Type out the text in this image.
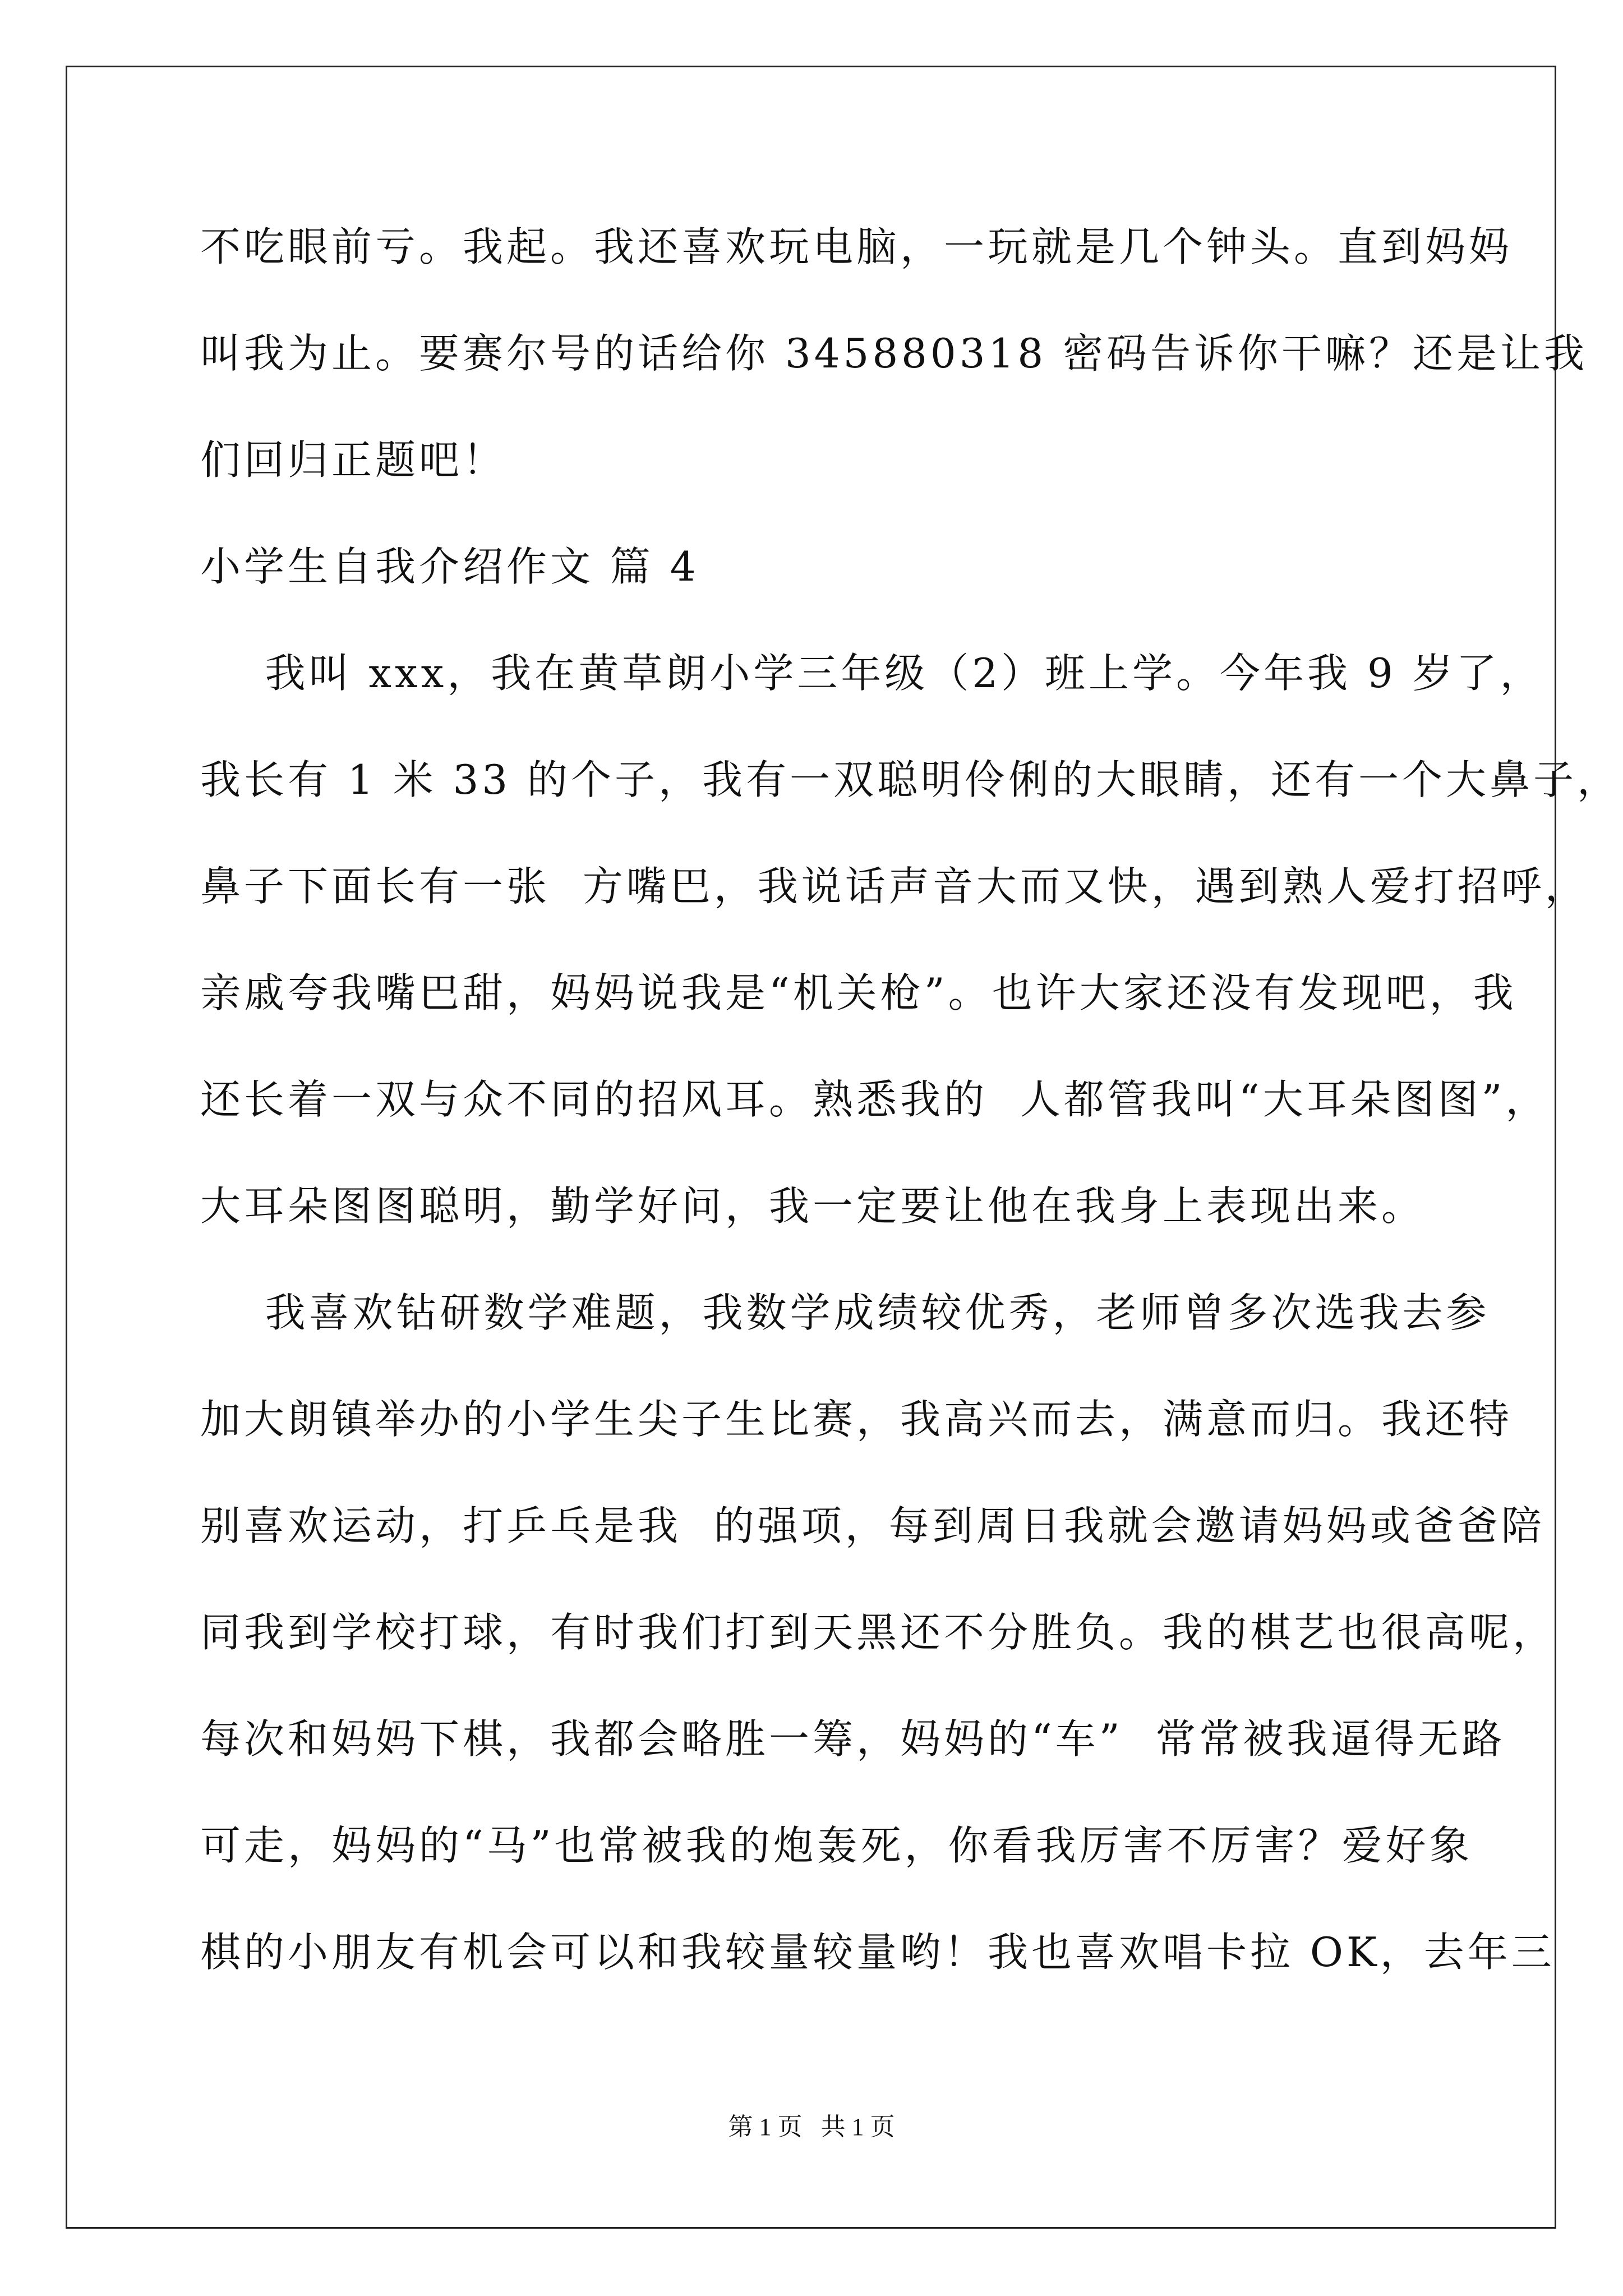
不吃眼前亏。我起。我还喜欢玩电脑，一玩就是几个钟头。直到妈妈
叫我为止。要赛尔号的话给你 345880318 密码告诉你干嘛？还是让我
们回归正题吧！
小学生自我介绍作文 篇 4
我叫 xxx，我在黄草朗小学三年级（2）班上学。今年我 9 岁了，
我长有 1 米 33 的个子，我有一双聪明伶俐的大眼睛，还有一个大鼻子，
鼻子下面长有一张  方嘴巴，我说话声音大而又快，遇到熟人爱打招呼，
亲戚夸我嘴巴甜，妈妈说我是“机关枪”。也许大家还没有发现吧，我
还长着一双与众不同的招风耳。熟悉我的  人都管我叫“大耳朵图图”，
大耳朵图图聪明，勤学好问，我一定要让他在我身上表现出来。
我喜欢钻研数学难题，我数学成绩较优秀，老师曾多次选我去参
加大朗镇举办的小学生尖子生比赛，我高兴而去，满意而归。我还特
别喜欢运动，打乒乓是我  的强项，每到周日我就会邀请妈妈或爸爸陪
同我到学校打球，有时我们打到天黑还不分胜负。我的棋艺也很高呢，
每次和妈妈下棋，我都会略胜一筹，妈妈的“车”  常常被我逼得无路
可走，妈妈的“马”也常被我的炮轰死，你看我厉害不厉害？爱好象
棋的小朋友有机会可以和我较量较量哟！我也喜欢唱卡拉 OK，去年三
第 1 页   共 1 页
